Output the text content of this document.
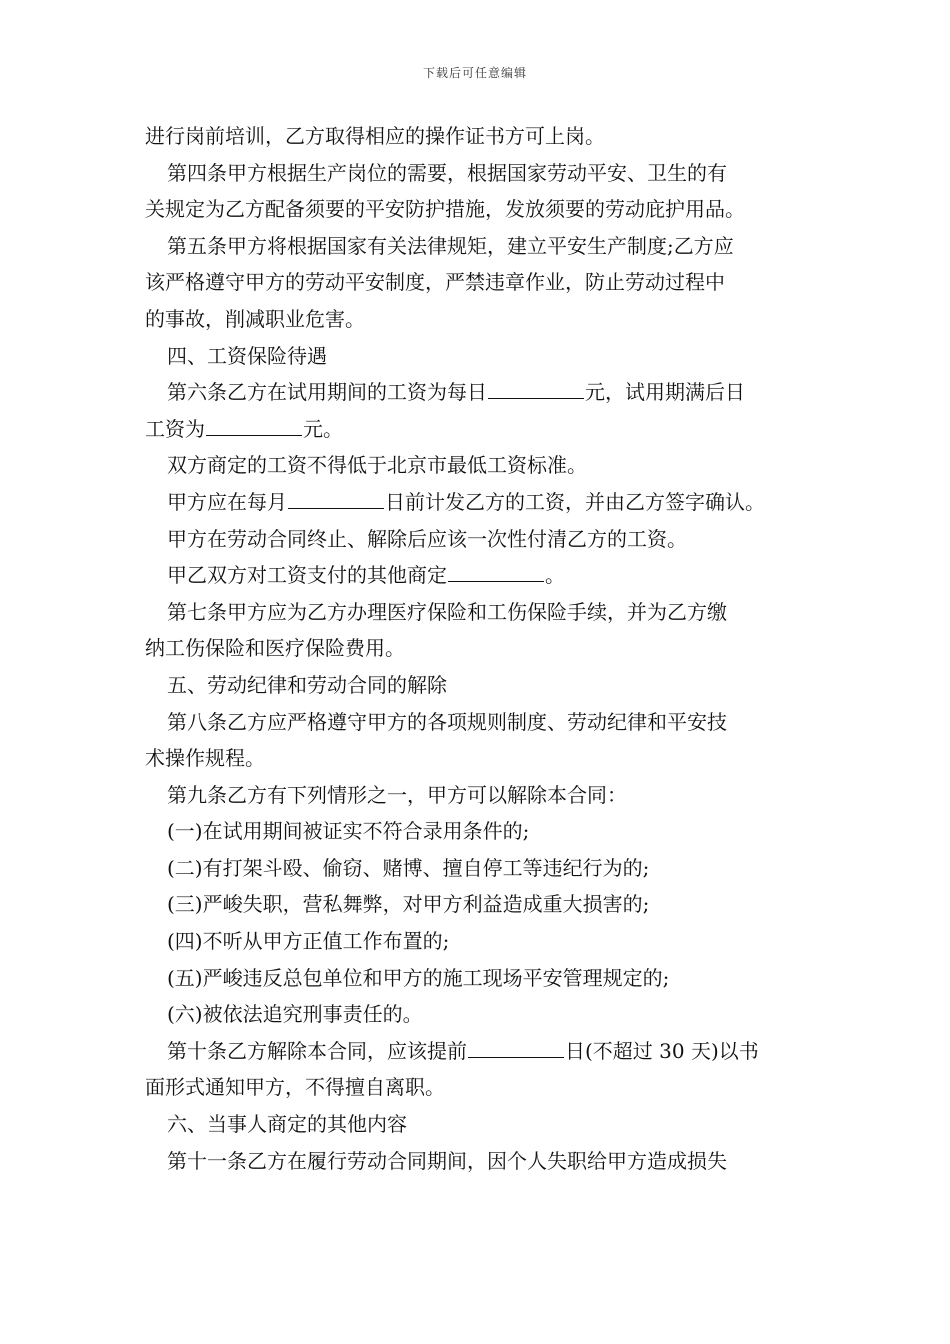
下载后可任意编辑
进行岗前培训，乙方取得相应的操作证书方可上岗。
第四条甲方根据生产岗位的需要，根据国家劳动平安、卫生的有
关规定为乙方配备须要的平安防护措施，发放须要的劳动庇护用品。
第五条甲方将根据国家有关法律规矩，建立平安生产制度;乙方应
该严格遵守甲方的劳动平安制度，严禁违章作业，防止劳动过程中
的事故，削减职业危害。
四、工资保险待遇
第六条乙方在试用期间的工资为每日	元，试用期满后日
工资为	元。
双方商定的工资不得低于北京市最低工资标准。
甲方应在每月	日前计发乙方的工资，并由乙方签字确认。
甲方在劳动合同终止、解除后应该一次性付清乙方的工资。
甲乙双方对工资支付的其他商定	。
第七条甲方应为乙方办理医疗保险和工伤保险手续，并为乙方缴
纳工伤保险和医疗保险费用。
五、劳动纪律和劳动合同的解除
第八条乙方应严格遵守甲方的各项规则制度、劳动纪律和平安技
术操作规程。
第九条乙方有下列情形之一，甲方可以解除本合同：
(一)在试用期间被证实不符合录用条件的;
(二)有打架斗殴、偷窃、赌博、擅自停工等违纪行为的;
(三)严峻失职，营私舞弊，对甲方利益造成重大损害的;
(四)不听从甲方正值工作布置的;
(五)严峻违反总包单位和甲方的施工现场平安管理规定的;
(六)被依法追究刑事责任的。
第十条乙方解除本合同，应该提前	日(不超过 30 天)以书
面形式通知甲方，不得擅自离职。
六、当事人商定的其他内容
第十一条乙方在履行劳动合同期间，因个人失职给甲方造成损失
